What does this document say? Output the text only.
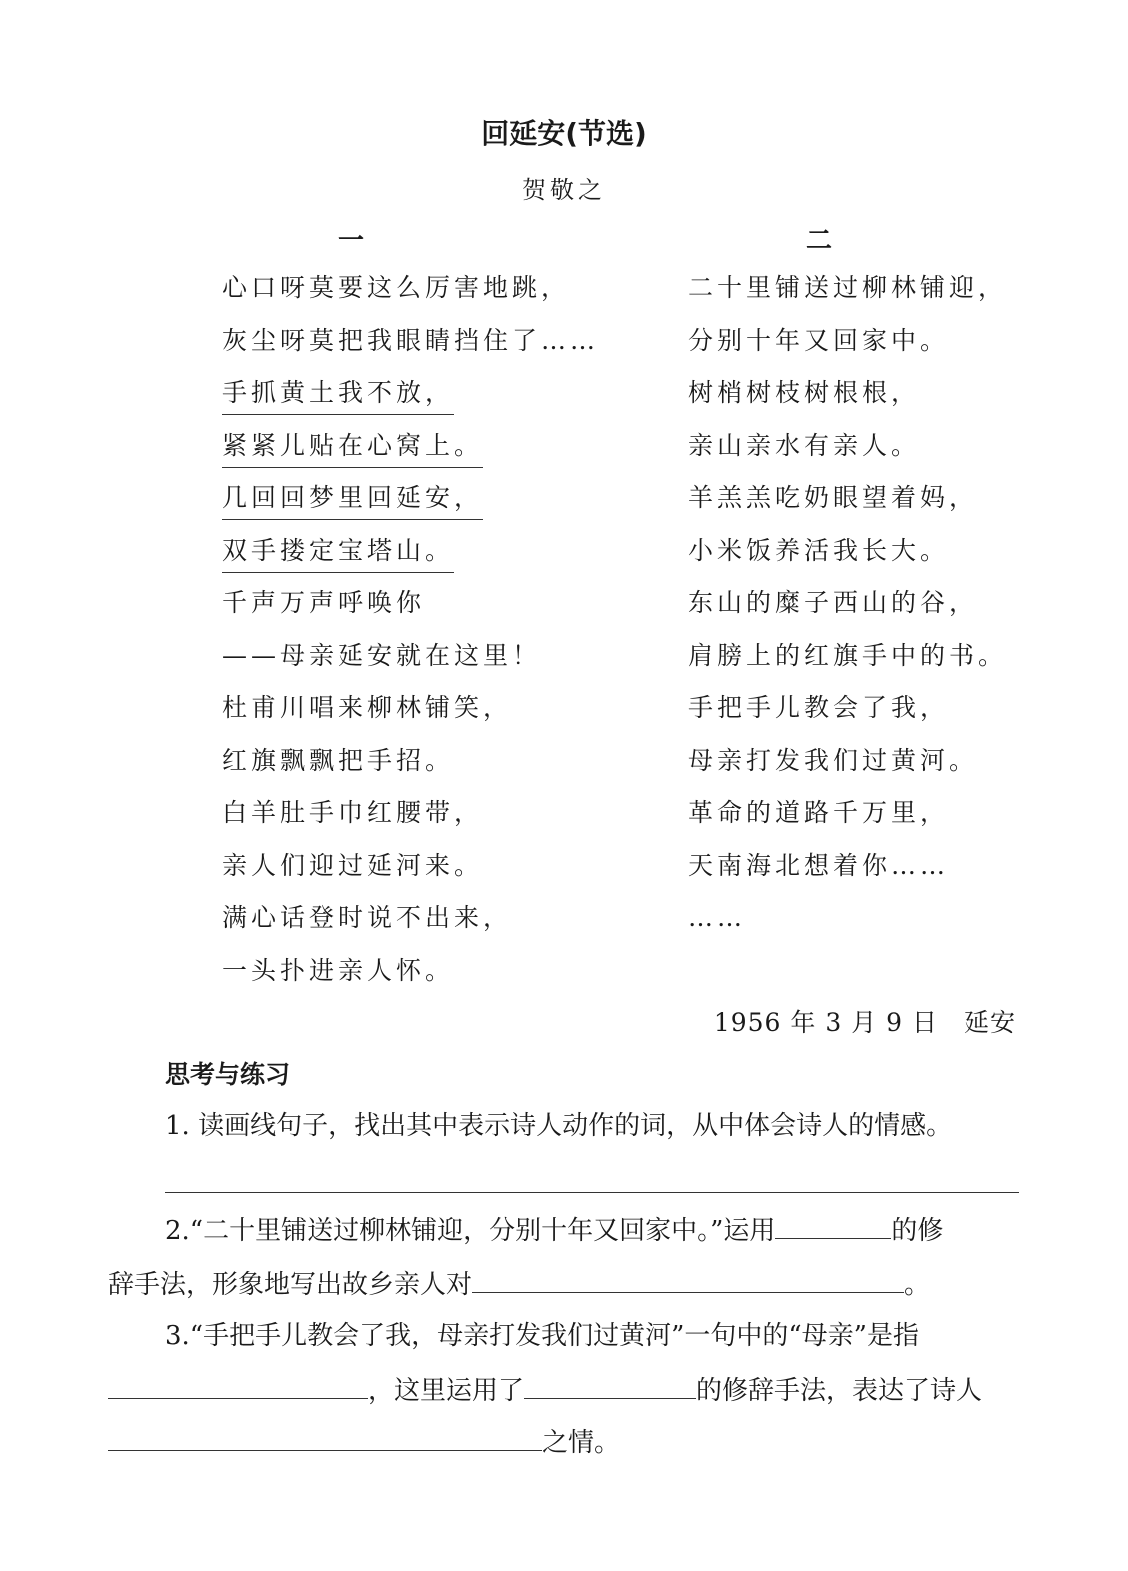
回延安(节选)
贺敬之
一	二
心口呀莫要这么厉害地跳，
灰尘呀莫把我眼睛挡住了……
手抓黄土我不放，
紧紧儿贴在心窝上。
几回回梦里回延安，
双手搂定宝塔山。
千声万声呼唤你
——母亲延安就在这里！
杜甫川唱来柳林铺笑，
红旗飘飘把手招。
白羊肚手巾红腰带，
亲人们迎过延河来。
满心话登时说不出来，
一头扑进亲人怀。
二十里铺送过柳林铺迎，
分别十年又回家中。
树梢树枝树根根，
亲山亲水有亲人。
羊羔羔吃奶眼望着妈，
小米饭养活我长大。
东山的糜子西山的谷，
肩膀上的红旗手中的书。
手把手儿教会了我，
母亲打发我们过黄河。
革命的道路千万里，
天南海北想着你……
……
1956 年 3 月 9 日　延安
思考与练习
1. 读画线句子，找出其中表示诗人动作的词，从中体会诗人的情感。
2.“二十里铺送过柳林铺迎，分别十年又回家中。”运用	的修
辞手法，形象地写出故乡亲人对	。
3.“手把手儿教会了我，母亲打发我们过黄河”一句中的“母亲”是指
，这里运用了	的修辞手法，表达了诗人
之情。
